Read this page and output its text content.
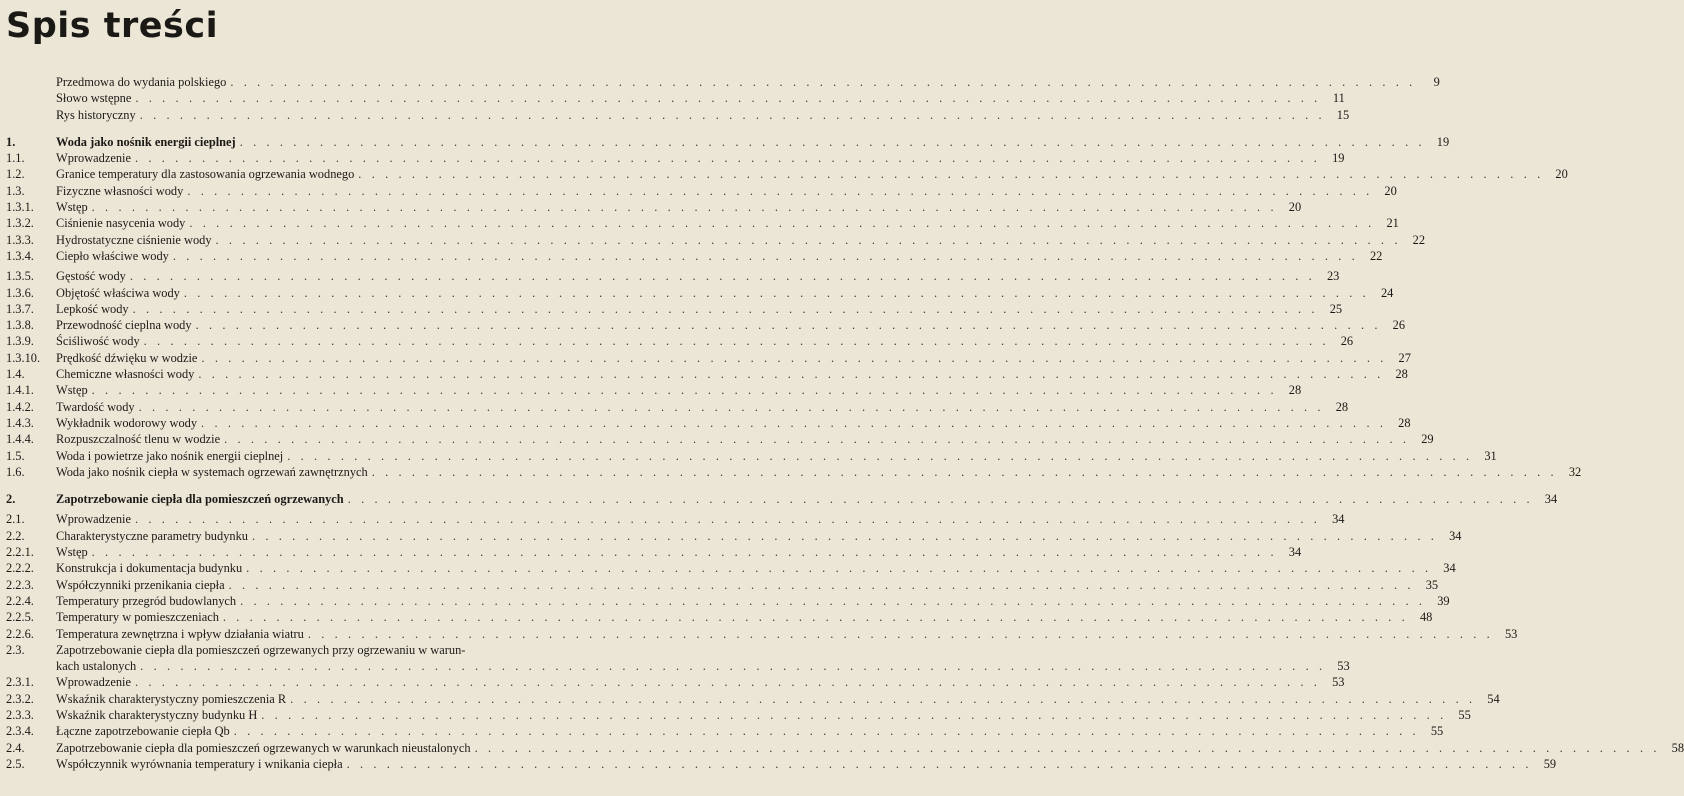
Spis treści
Przedmowa do wydania polskiego . . .	9
Słowo wstępne . . .	11
Rys historyczny . . .	15
1.	Woda jako nośnik energii cieplnej . . .	19
1.1.	Wprowadzenie . . .	19
1.2.	Granice temperatury dla zastosowania ogrzewania wodnego . . .	20
1.3.	Fizyczne własności wody . . .	20
1.3.1.	Wstęp . . .	20
1.3.2.	Ciśnienie nasycenia wody . . .	21
1.3.3.	Hydrostatyczne ciśnienie wody . . .	22
1.3.4.	Ciepło właściwe wody . . .	22
1.3.5.	Gęstość wody . . .	23
1.3.6.	Objętość właściwa wody . . .	24
1.3.7.	Lepkość wody . . .	25
1.3.8.	Przewodność cieplna wody . . .	26
1.3.9.	Ściśliwość wody . . .	26
1.3.10.	Prędkość dźwięku w wodzie . . .	27
1.4.	Chemiczne własności wody . . .	28
1.4.1.	Wstęp . . .	28
1.4.2.	Twardość wody . . .	28
1.4.3.	Wykładnik wodorowy wody . . .	28
1.4.4.	Rozpuszczalność tlenu w wodzie . . .	29
1.5.	Woda i powietrze jako nośnik energii cieplnej . . .	31
1.6.	Woda jako nośnik ciepła w systemach ogrzewań zawnętrznych . . .	32
2.	Zapotrzebowanie ciepła dla pomieszczeń ogrzewanych . . .	34
2.1.	Wprowadzenie . . .	34
2.2.	Charakterystyczne parametry budynku . . .	34
2.2.1.	Wstęp . . .	34
2.2.2.	Konstrukcja i dokumentacja budynku . . .	34
2.2.3.	Współczynniki przenikania ciepła . . .	35
2.2.4.	Temperatury przegród budowlanych . . .	39
2.2.5.	Temperatury w pomieszczeniach . . .	48
2.2.6.	Temperatura zewnętrzna i wpływ działania wiatru . . .	53
2.3.	Zapotrzebowanie ciepła dla pomieszczeń ogrzewanych przy ogrzewaniu w warun-
kach ustalonych . . .	53
2.3.1.	Wprowadzenie . . .	53
2.3.2.	Wskaźnik charakterystyczny pomieszczenia R . . .	54
2.3.3.	Wskaźnik charakterystyczny budynku H . . .	55
2.3.4.	Łączne zapotrzebowanie ciepła Qb . . .	55
2.4.	Zapotrzebowanie ciepła dla pomieszczeń ogrzewanych w warunkach nieustalonych . . .	58
2.5.	Współczynnik wyrównania temperatury i wnikania ciepła . . .	59
